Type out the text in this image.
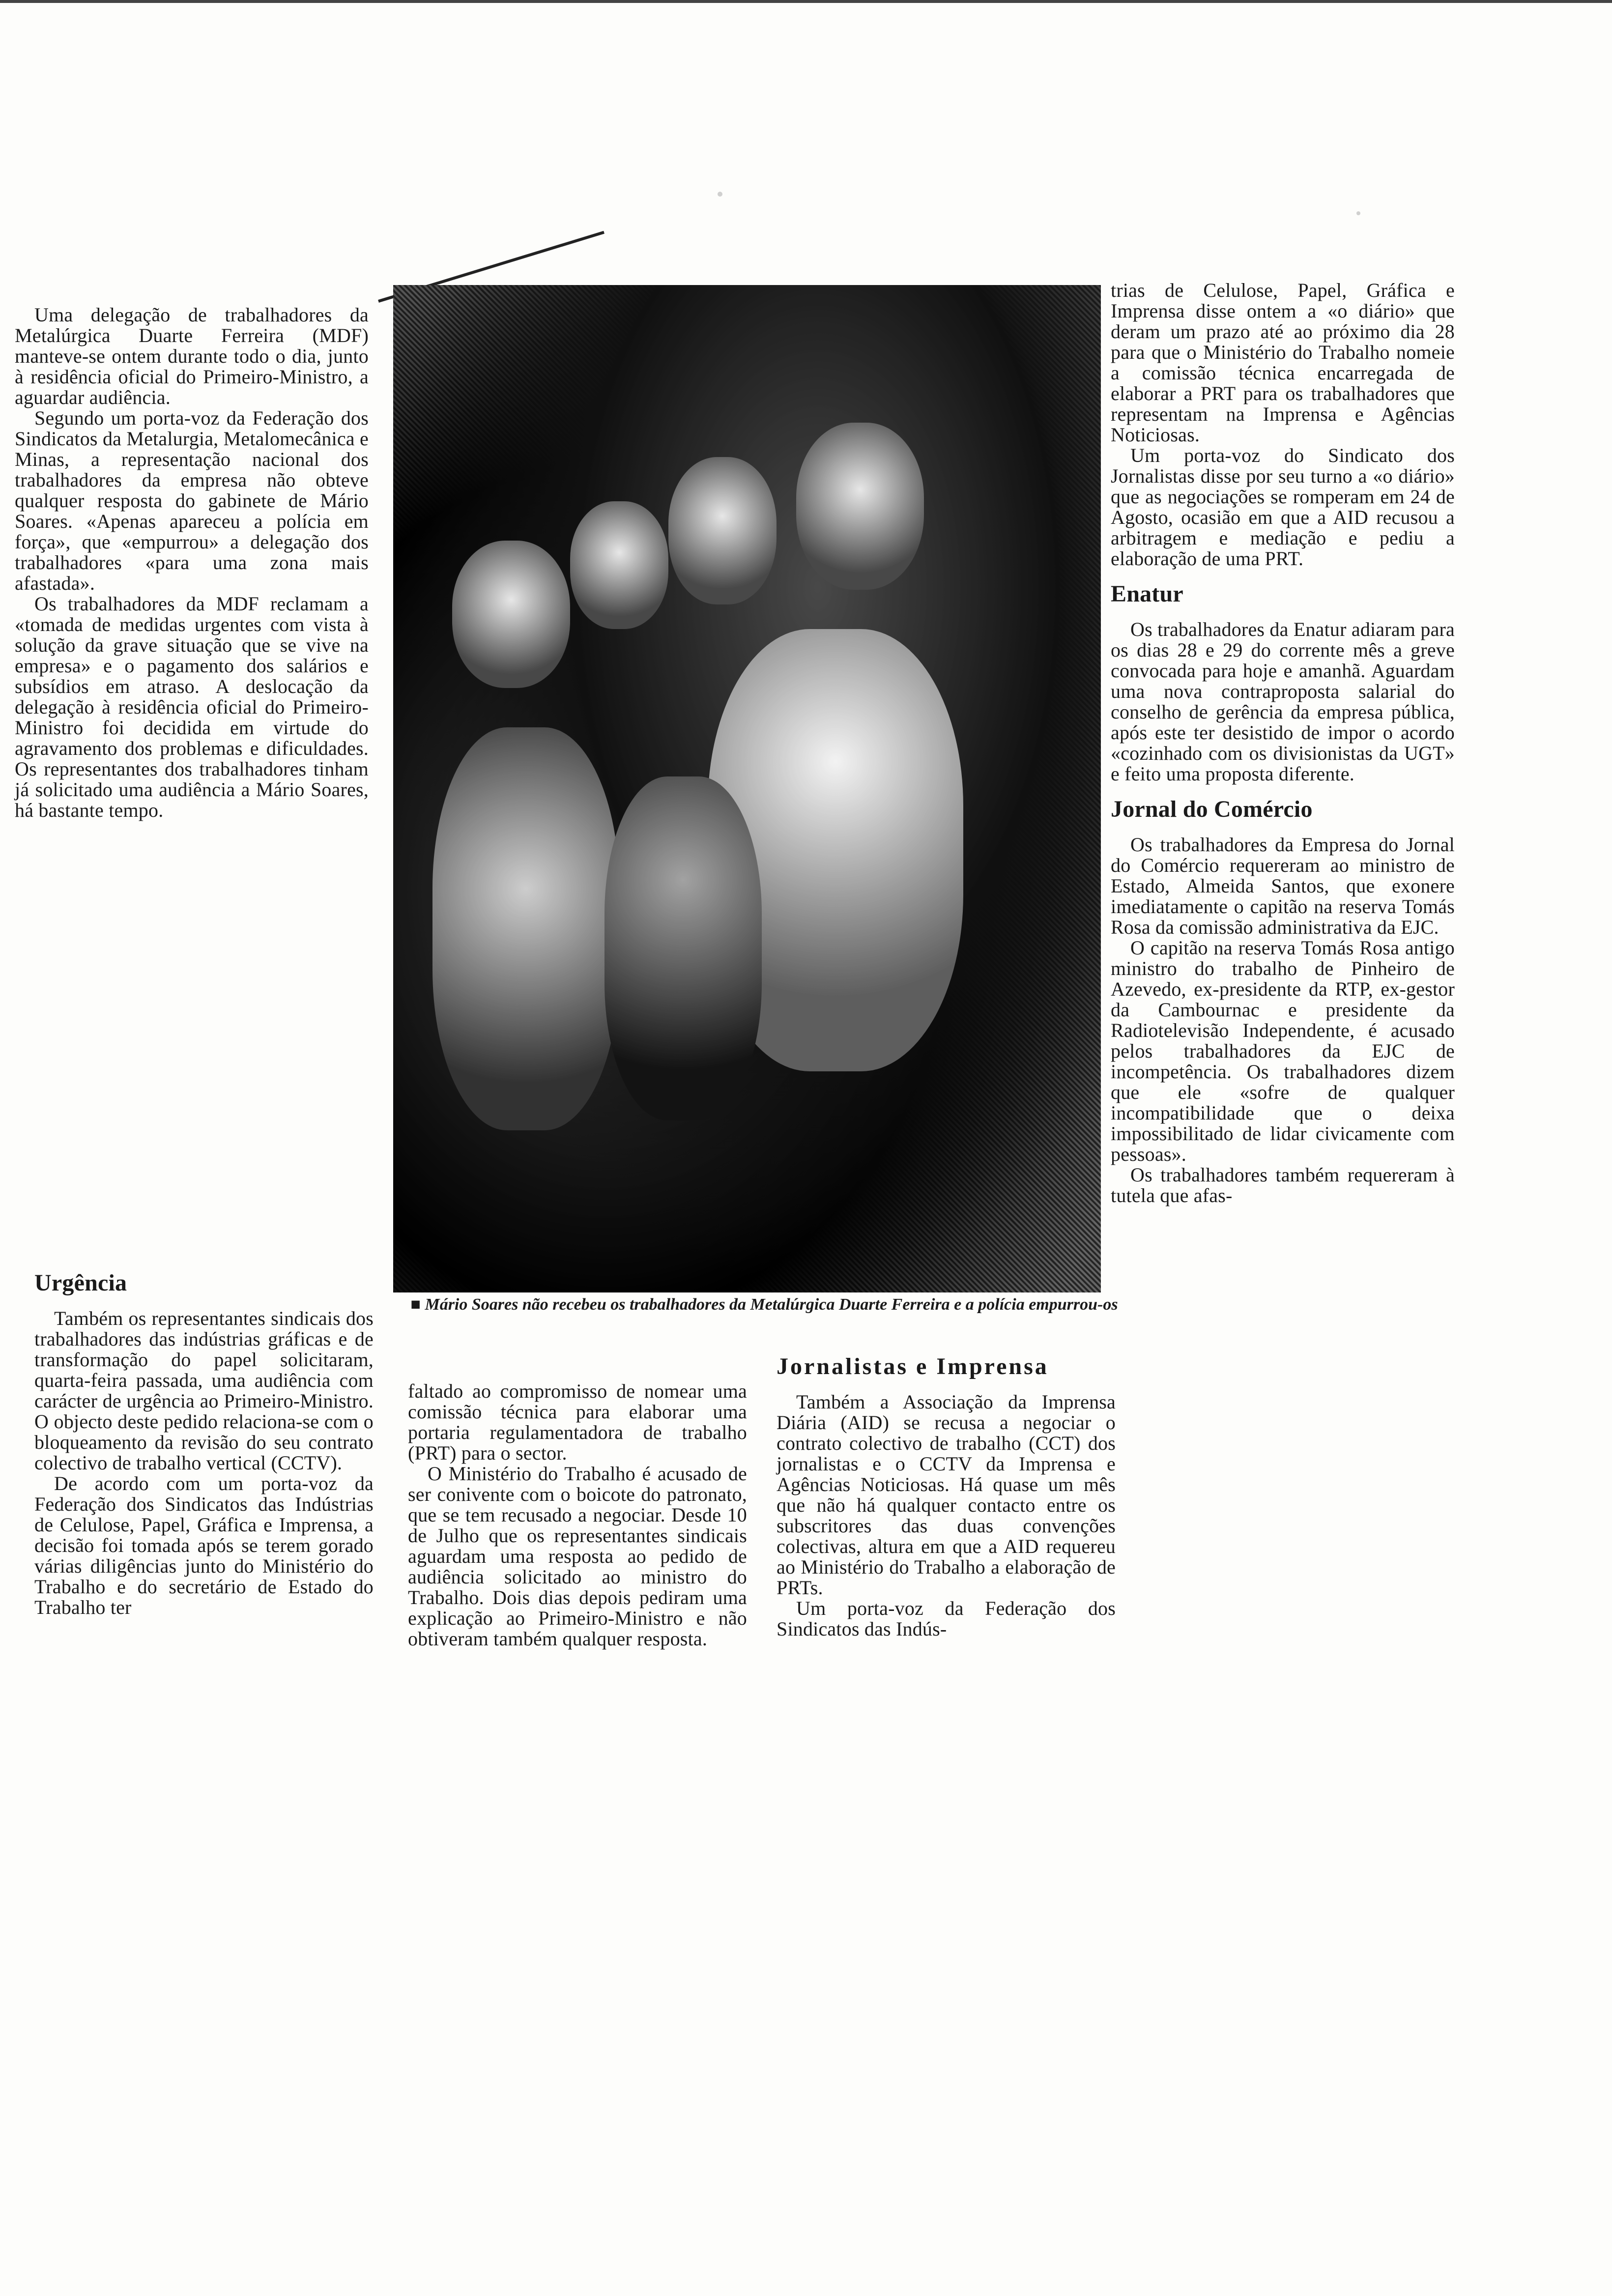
Uma delegação de trabalhadores da Metalúrgica Duarte Ferreira (MDF) manteve-se ontem durante todo o dia, junto à residência oficial do Primeiro-Ministro, a aguardar audiência.

Segundo um porta-voz da Federação dos Sindicatos da Metalurgia, Metalomecânica e Minas, a representação nacional dos trabalhadores da empresa não obteve qualquer resposta do gabinete de Mário Soares. «Apenas apareceu a polícia em força», que «empurrou» a delegação dos trabalhadores «para uma zona mais afastada».

Os trabalhadores da MDF reclamam a «tomada de medidas urgentes com vista à solução da grave situação que se vive na empresa» e o pagamento dos salários e subsídios em atraso. A deslocação da delegação à residência oficial do Primeiro-Ministro foi decidida em virtude do agravamento dos problemas e dificuldades. Os representantes dos trabalhadores tinham já solicitado uma audiência a Mário Soares, há bastante tempo.

■ Mário Soares não recebeu os trabalhadores da Metalúrgica Duarte Ferreira e a polícia empurrou-os
Urgência

Também os representantes sindicais dos trabalhadores das indústrias gráficas e de transformação do papel solicitaram, quarta-feira passada, uma audiência com carácter de urgência ao Primeiro-Ministro. O objecto deste pedido relaciona-se com o bloqueamento da revisão do seu contrato colectivo de trabalho vertical (CCTV).

De acordo com um porta-voz da Federação dos Sindicatos das Indústrias de Celulose, Papel, Gráfica e Imprensa, a decisão foi tomada após se terem gorado várias diligências junto do Ministério do Trabalho e do secretário de Estado do Trabalho ter

faltado ao compromisso de nomear uma comissão técnica para elaborar uma portaria regulamentadora de trabalho (PRT) para o sector.

O Ministério do Trabalho é acusado de ser conivente com o boicote do patronato, que se tem recusado a negociar. Desde 10 de Julho que os representantes sindicais aguardam uma resposta ao pedido de audiência solicitado ao ministro do Trabalho. Dois dias depois pediram uma explicação ao Primeiro-Ministro e não obtiveram também qualquer resposta.

Jornalistas e Imprensa

Também a Associação da Imprensa Diária (AID) se recusa a negociar o contrato colectivo de trabalho (CCT) dos jornalistas e o CCTV da Imprensa e Agências Noticiosas. Há quase um mês que não há qualquer contacto entre os subscritores das duas convenções colectivas, altura em que a AID requereu ao Ministério do Trabalho a elaboração de PRTs.

Um porta-voz da Federação dos Sindicatos das Indús-

trias de Celulose, Papel, Gráfica e Imprensa disse ontem a «o diário» que deram um prazo até ao próximo dia 28 para que o Ministério do Trabalho nomeie a comissão técnica encarregada de elaborar a PRT para os trabalhadores que representam na Imprensa e Agências Noticiosas.

Um porta-voz do Sindicato dos Jornalistas disse por seu turno a «o diário» que as negociações se romperam em 24 de Agosto, ocasião em que a AID recusou a arbitragem e mediação e pediu a elaboração de uma PRT.

Enatur

Os trabalhadores da Enatur adiaram para os dias 28 e 29 do corrente mês a greve convocada para hoje e amanhã. Aguardam uma nova contraproposta salarial do conselho de gerência da empresa pública, após este ter desistido de impor o acordo «cozinhado com os divisionistas da UGT» e feito uma proposta diferente.

Jornal do Comércio

Os trabalhadores da Empresa do Jornal do Comércio requereram ao ministro de Estado, Almeida Santos, que exonere imediatamente o capitão na reserva Tomás Rosa da comissão administrativa da EJC.

O capitão na reserva Tomás Rosa antigo ministro do trabalho de Pinheiro de Azevedo, ex-presidente da RTP, ex-gestor da Cambournac e presidente da Radiotelevisão Independente, é acusado pelos trabalhadores da EJC de incompetência. Os trabalhadores dizem que ele «sofre de qualquer incompatibilidade que o deixa impossibilitado de lidar civicamente com pessoas».

Os trabalhadores também requereram à tutela que afas-
